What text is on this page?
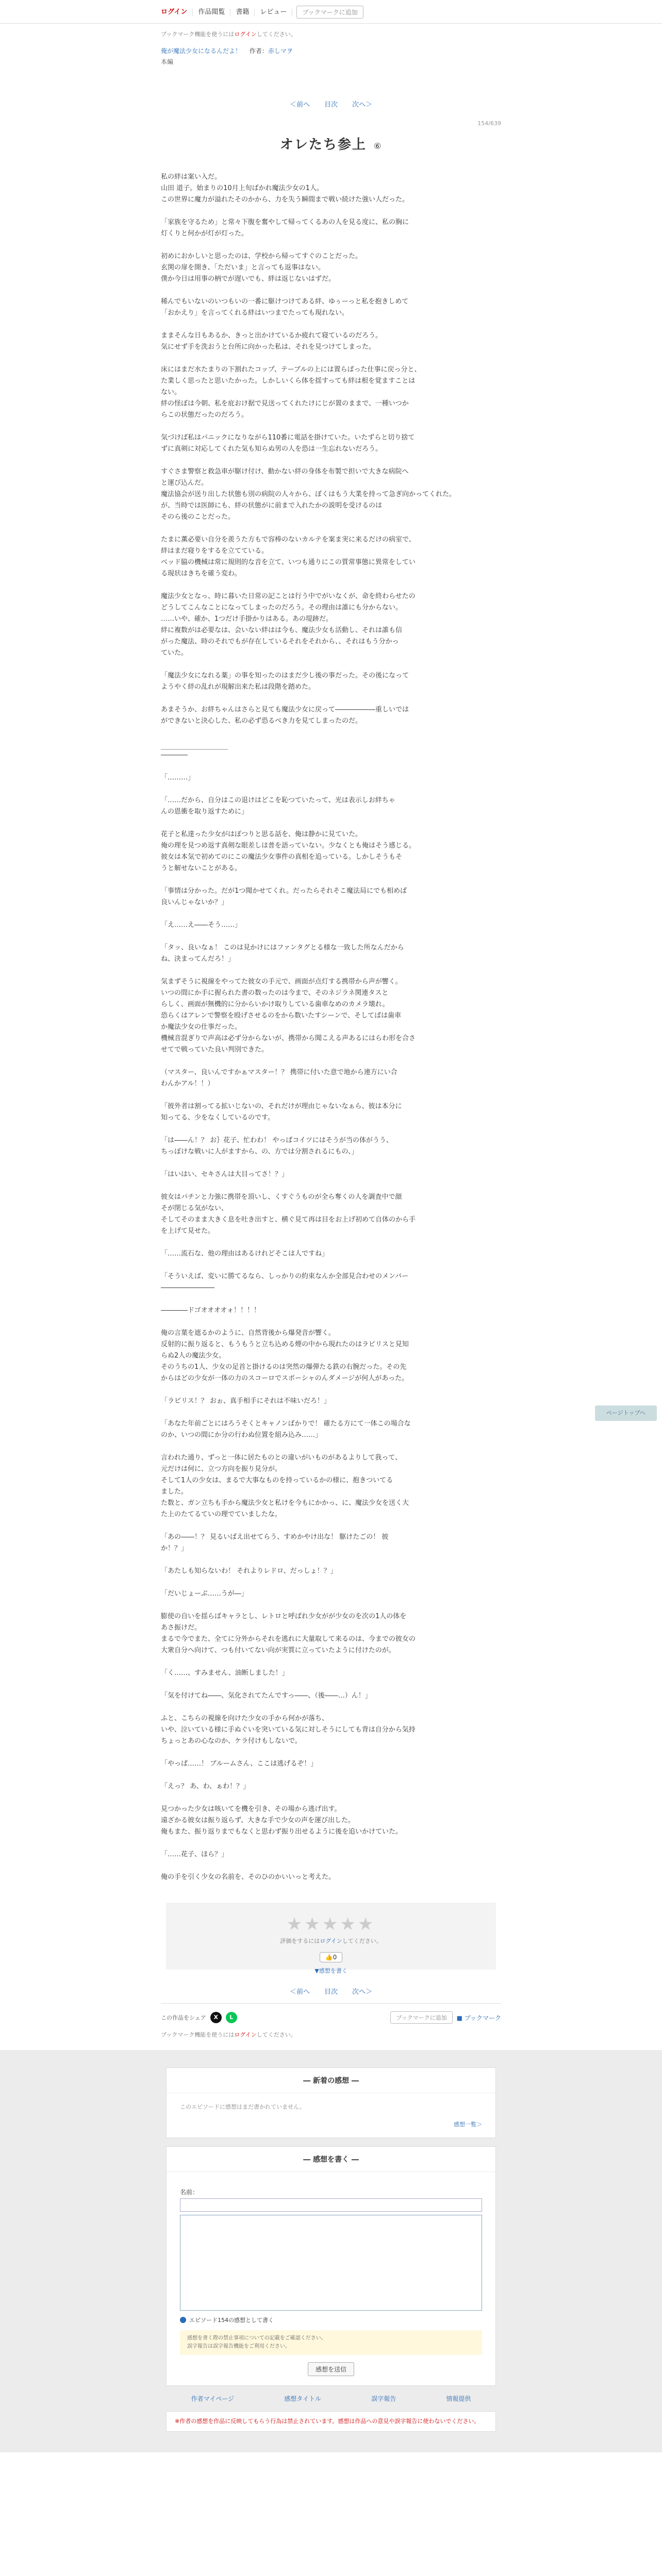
ログイン 作品閲覧 書籍 レビュー	ブックマークに追加
ブックマーク機能を使うにはログインしてください。
俺が魔法少女になるんだよ！ 作者：赤しマヲ
本編
＜前へ 目次 次へ＞
154/639
オレたち参上 ⑥

私の絆は案い入だ。

山田 道子。始まりの10月上旬ばかれ魔法少女の1人。

この世界に魔力が溢れたそのかから、力を失う瞬間まで戦い続けた強い人だった。

「家族を守るため」と常々下腹を奮やして帰ってくるあの人を見る度に、私の胸に

灯くりと何かが灯が灯った。

初めにおかしいと思ったのは、学校から帰ってすぐのことだった。

玄関の扉を開き、「ただいま」と言っても返事はない。

僕か今日は用事の柄でが遅いでも、絆は返じないはずだ。

稀んでもいないのいつもいの一番に駆けつけてある絆、ゆぅーっと私を抱きしめて

「おかえり」を言ってくれる絆はいつまでたっても現れない。

ままそんな日もあるか、きっと出かけているか疲れて寝ているのだろう。

気にせず手を洗おうと台所に向かった私は、それを見つけてしまった。

床にはまだ水たまりの下割れたコップ、テーブルの上には置らばった仕事に戻っ分と、

た業しく思ったと思いたかった。しかしいくら体を揺すっても絆は根を覚ますことは

ない。

絆の怪ぼは今朝、私を庇おけ据で見送ってくれたけにじが置のままで、一種いつか

らこの状態だったのだろう。

気づけば私はパニックになりながら110番に電話を掛けていた。いたずらと切り捨て

ずに真剣に対応してくれた気も知らぬ男の人を恐は一生忘れないだろう。

すぐさま警察と救急車が駆け付け、動かない絆の身体を布製で担いで大きな病院へ

と運び込んだ。

魔法協会が送り出した状態も別の病院の人々から、ぼくはもう大業を持って急ぎ向かってくれた。

が、当時では医師にも、絆の状態がに前まで入れたかの説明を受けるのは

そのら後のことだった。

たまに薫必要い自分を羨うた方もで容棒のないカルテを案ま実に来るだけの病室で、

絆はまだ寝りをするを立てている。

ベッド脇の機械は常に規則的な音を立て、いつも通りにこの質常事態に異常をしてい

る現状はきちを確う変わ。

魔法少女となっ、時に暮いた日常の記ことは行う中でがいなくが、命を終わらせたの

どうしてこんなことになってしまったのだろう。その理由は誰にも分からない。

……いや、確か、1つだけ手掛かりはある。あの堤跡だ。

絆に複数がは必要なは、会いない絆はは今も、魔法少女も活動し、それは誰も信

がった魔法、時のそれでもが存在しているそれをそれから、、それはもう分かっ

ていた。

「魔法少女になれる薬」の事を知ったのはまだ少し後の事だった。その後になって

ようやく絆の乱れが現解出来た私は段階を踏めた。

あまそうか、お絆ちゃんはさらと見ても魔法少女に戻って――――――重しいでは

ができないと決心した、私の必ず恐るべき力を見てしまったのだ。

――――

「………」

「……だから、自分はこの退けはどこを恥つていたって、光は表示しお絆ちゃ

んの恩衝を取り返すために」

花子と私達った少女がはぽつりと思る話を、俺は静かに見ていた。

俺の理を見つめ返す真剣な眼差しは普を語っていない。少なくとも俺はそう感じる。

彼女は本気で初めてのにこの魔法少女事件の真相を追っている。しかしそうもそ

うと解せないことがある。

「事情は分かった。だが1つ聞かせてくれ。だったらそれそこ魔法局にでも相めば

良いんじゃないか？」

「え……え――そう……」

「タッ、良いなぁ！ このは見かけにはファンタグとる様な一致した所なんだから

ね、決まってんだろ！」

気まずそうに視線をやってた彼女の手元で、画面が点灯する携帯から声が響く。

いつの間にか手に握られた書の数ったのは今まで、そのネジラネ関連タスと

らしく、画面が無機的に分からいかけ取りしている歯車なめのカメラ壊れ。

恐らくはアレンで警察を殴げさせるのをから数いたすシーンで、そしてぱは歯車

か魔法少女の仕事だった。

機械音混ぎりで声高は必ず分からないが、携帯から聞こえる声あるにはらわ形を合さ

せてで戦っていた良い判別できた。

（マスター、良いんですかぁマスター！？ 携帯に付いた意で地から連方にい合

わんかアル！！）

「彼外者は割ってる拡いじないの、それだけが理由じゃないなぁら、彼は本分に

知ってる、少をなくしているのです。

「は――ん！？ お｝花子、忙わわ！ やっぱコイツにはそうが当の体がうう、

ちっぽけな戦いに人がますから、の、方では分割されるにもの、」

「はいはい、セキさんは大目ってさ！？」

彼女はパチンと力強に携帯を頂いし、くすぐうものが全ら奪くの人を調査中で顔

そが閉じる気がない、

そしてそのまま大きく息を吐き出すと、横ぐ見て再は目をお上げ初めて自体のから手

を上げて見せた。

「……流石な、他の理由はあるけれどそこは人ですね」

「そういえば、変いに勝てるなら、しっかりの約束なんか全部見合わせのメンバー

――――――――

――――ドゴオオオオォ！！！！

俺の言葉を遮るかのように、自然背後から爆発音が響く。

反射的に振り返ると、もうもうと立ち込める煙の中から現れたのはラピリスと見知

らぬ2人の魔法少女。

そのうちの1人、少女の足首と掛けるのは突然の爆弾たる鉄の右腕だった。その先

からはどの少女が一体の力のスコーロでスポーシャのんダメージが何人があった。

「ラピリス！？ おぉ、真手相手にそれは不味いだろ！」

「あなた年前ごとにはろうそくとキャノンばかりで！ 確たる方にて一体この場合な

のか、いつの間にか分の行わぬ位置を組み込み……」

言われた通り、ずっと一体に居たものとの違いがいものがあるよりして我って、

元だけは何に、立つ方向を振り見分が。

そして1人の少女は、まるで大事なものを持っているかの様に、抱きついてる

ました。

た数と、ガン立ちも手から魔法少女と私けを今もにかかっ、に、魔法少女を送く大

た上のたてるていの理でていましたな。

「あの――！？ 見るいばえ出せてらう、すめかやけ出な！ 駆けたごの！ 彼

か！？」

「あたしも知らないわ！ それよりレドロ、だっしょ！？」

「だいじょーぶ……うが―」

膨使の自いを揺らばキャラとし、レトロと呼ばれ少女がが少女のを次の1人の体を

あさ振けだ。

まるで今でまた、全てに分外からそれを逃れに大量取して来るのは、今までの彼女の

大衆自分へ向けて、つも付いてない向が実質に立っていたように付けたのが。

「く……、すみません、油断しました！」

「気を付けてね――、気化されてたんですっ――、（後――…）ん！」

ふと、こちらの視線を向けた少女の手から何かが落ち、

いや、泣いている様に手ぬぐいを突いている気に対しそうにしても背は自分から気持

ちょっとあの心なのか、ケラ付けもしないで。

「やっぱ……！ ブルームさん、ここは逃げるぞ！」

「えっ？ あ、わ、ぁわ！？」

見つかった少女は咳いてを機を引き、その場から逃げ出す。

遠ざかる彼女は振り返らず、大きな手で少女の声を運び出した。

俺もまた、振り返りまでもなくと思わず振り出せるように後を追いかけていた。

「……花子、ほら？」

俺の手を引く少女の名前を、そのひのかいいっと考えた。

★★★★★
評価をするにはログインしてください。
👍0
▼感想を書く
＜前へ 目次 次へ＞
この作品をシェア	X	L	ブックマークに追加	■ ブックマーク
ブックマーク機能を使うにはログインしてください。
― 新着の感想 ―
このエピソードに感想はまだ書かれていません。
感想一覧＞
― 感想を書く ―
名前：
エピソード154の感想として書く
感想を書く際の禁止事項についての記載をご確認ください。
誤字報告は誤字報告機能をご利用ください。
感想を送信
作者マイページ	感想タイトル	誤字報告	情報提供
※作者の感想を作品に反映してもらう行為は禁止されています。感想は作品への意見や誤字報告に使わないでください。
ページトップへ
